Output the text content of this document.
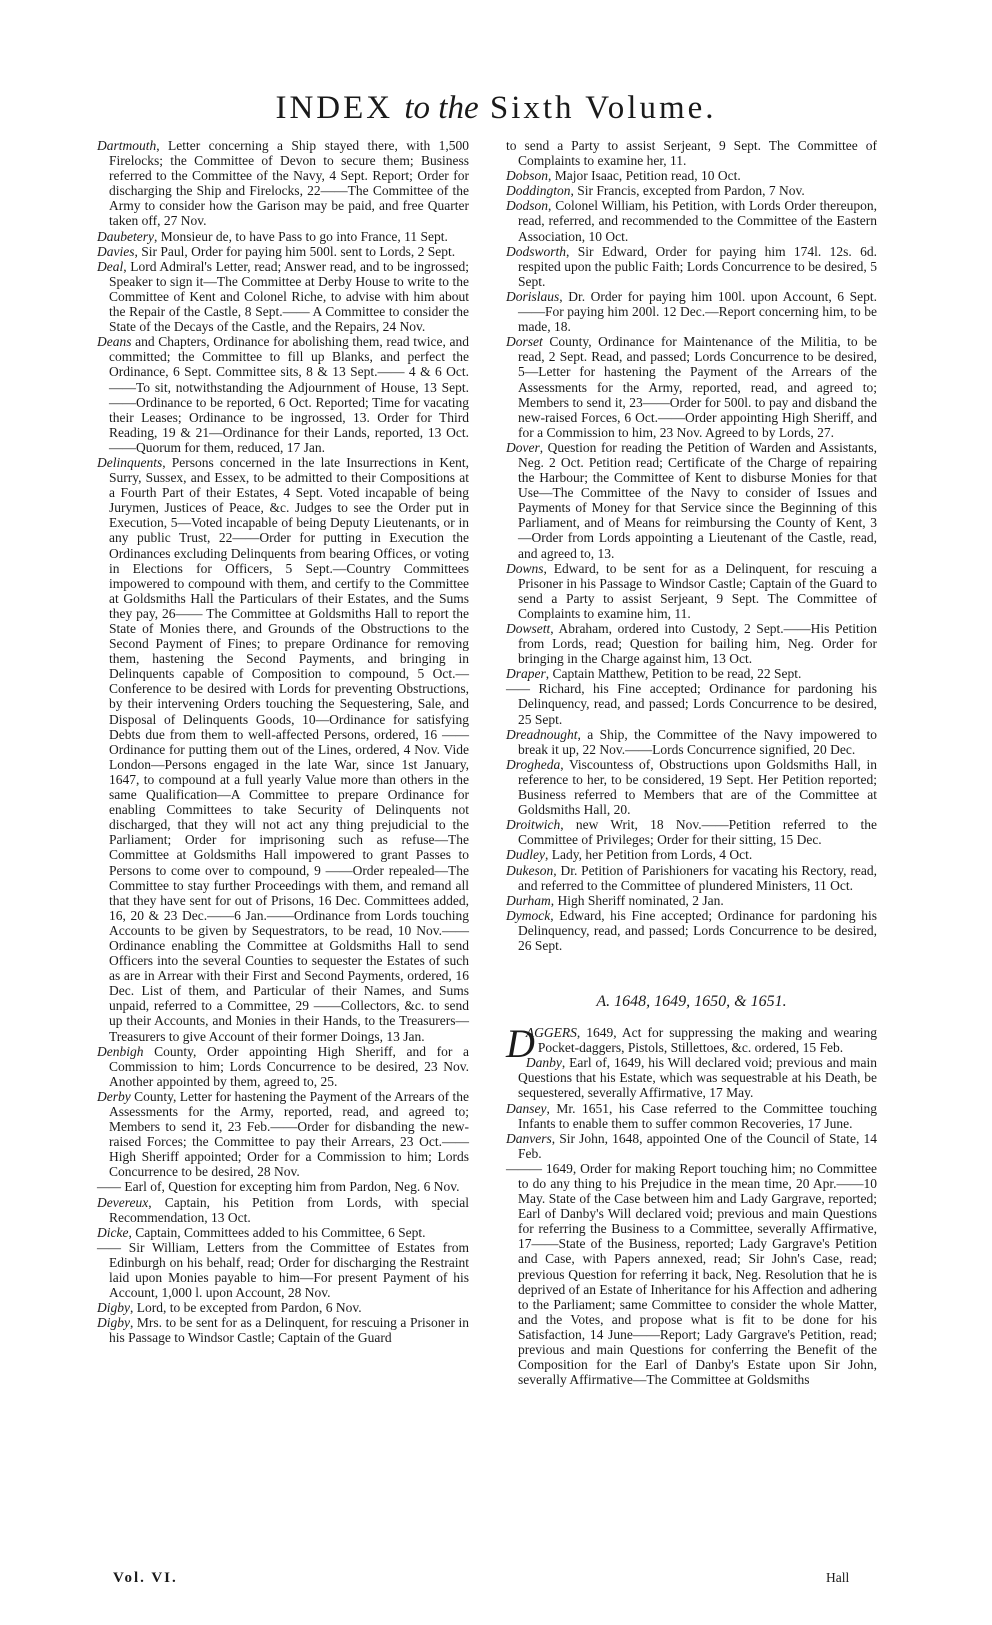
INDEX to the Sixth Volume.

Dartmouth, Letter concerning a Ship stayed there, with 1,500 Firelocks; the Committee of Devon to secure them; Business referred to the Committee of the Navy, 4 Sept. Report; Order for discharging the Ship and Firelocks, 22——The Committee of the Army to consider how the Garison may be paid, and free Quarter taken off, 27 Nov.

Daubetery, Monsieur de, to have Pass to go into France, 11 Sept.

Davies, Sir Paul, Order for paying him 500l. sent to Lords, 2 Sept.

Deal, Lord Admiral's Letter, read; Answer read, and to be ingrossed; Speaker to sign it—The Committee at Derby House to write to the Committee of Kent and Colonel Riche, to advise with him about the Repair of the Castle, 8 Sept.—— A Committee to consider the State of the Decays of the Castle, and the Repairs, 24 Nov.

Deans and Chapters, Ordinance for abolishing them, read twice, and committed; the Committee to fill up Blanks, and perfect the Ordinance, 6 Sept. Committee sits, 8 & 13 Sept.—— 4 & 6 Oct.——To sit, notwithstanding the Adjournment of House, 13 Sept.——Ordinance to be reported, 6 Oct. Reported; Time for vacating their Leases; Ordinance to be ingrossed, 13. Order for Third Reading, 19 & 21—Ordinance for their Lands, reported, 13 Oct.——Quorum for them, reduced, 17 Jan.

Delinquents, Persons concerned in the late Insurrections in Kent, Surry, Sussex, and Essex, to be admitted to their Compositions at a Fourth Part of their Estates, 4 Sept. Voted incapable of being Jurymen, Justices of Peace, &c. Judges to see the Order put in Execution, 5—Voted incapable of being Deputy Lieutenants, or in any public Trust, 22——Order for putting in Execution the Ordinances excluding Delinquents from bearing Offices, or voting in Elections for Officers, 5 Sept.—Country Committees impowered to compound with them, and certify to the Committee at Goldsmiths Hall the Particulars of their Estates, and the Sums they pay, 26—— The Committee at Goldsmiths Hall to report the State of Monies there, and Grounds of the Obstructions to the Second Payment of Fines; to prepare Ordinance for removing them, hastening the Second Payments, and bringing in Delinquents capable of Composition to compound, 5 Oct.—Conference to be desired with Lords for preventing Obstructions, by their intervening Orders touching the Sequestering, Sale, and Disposal of Delinquents Goods, 10—Ordinance for satisfying Debts due from them to well-affected Persons, ordered, 16 ——Ordinance for putting them out of the Lines, ordered, 4 Nov. Vide London—Persons engaged in the late War, since 1st January, 1647, to compound at a full yearly Value more than others in the same Qualification—A Committee to prepare Ordinance for enabling Committees to take Security of Delinquents not discharged, that they will not act any thing prejudicial to the Parliament; Order for imprisoning such as refuse—The Committee at Goldsmiths Hall impowered to grant Passes to Persons to come over to compound, 9 ——Order repealed—The Committee to stay further Proceedings with them, and remand all that they have sent for out of Prisons, 16 Dec. Committees added, 16, 20 & 23 Dec.——6 Jan.——Ordinance from Lords touching Accounts to be given by Sequestrators, to be read, 10 Nov.—— Ordinance enabling the Committee at Goldsmiths Hall to send Officers into the several Counties to sequester the Estates of such as are in Arrear with their First and Second Payments, ordered, 16 Dec. List of them, and Particular of their Names, and Sums unpaid, referred to a Committee, 29 ——Collectors, &c. to send up their Accounts, and Monies in their Hands, to the Treasurers—Treasurers to give Account of their former Doings, 13 Jan.

Denbigh County, Order appointing High Sheriff, and for a Commission to him; Lords Concurrence to be desired, 23 Nov. Another appointed by them, agreed to, 25.

Derby County, Letter for hastening the Payment of the Arrears of the Assessments for the Army, reported, read, and agreed to; Members to send it, 23 Feb.——Order for disbanding the new-raised Forces; the Committee to pay their Arrears, 23 Oct.——High Sheriff appointed; Order for a Commission to him; Lords Concurrence to be desired, 28 Nov.

—— Earl of, Question for excepting him from Pardon, Neg. 6 Nov.

Devereux, Captain, his Petition from Lords, with special Recommendation, 13 Oct.

Dicke, Captain, Committees added to his Committee, 6 Sept.

—— Sir William, Letters from the Committee of Estates from Edinburgh on his behalf, read; Order for discharging the Restraint laid upon Monies payable to him—For present Payment of his Account, 1,000 l. upon Account, 28 Nov.

Digby, Lord, to be excepted from Pardon, 6 Nov.

Digby, Mrs. to be sent for as a Delinquent, for rescuing a Prisoner in his Passage to Windsor Castle; Captain of the Guard

to send a Party to assist Serjeant, 9 Sept. The Committee of Complaints to examine her, 11.

Dobson, Major Isaac, Petition read, 10 Oct.

Doddington, Sir Francis, excepted from Pardon, 7 Nov.

Dodson, Colonel William, his Petition, with Lords Order thereupon, read, referred, and recommended to the Committee of the Eastern Association, 10 Oct.

Dodsworth, Sir Edward, Order for paying him 174l. 12s. 6d. respited upon the public Faith; Lords Concurrence to be desired, 5 Sept.

Dorislaus, Dr. Order for paying him 100l. upon Account, 6 Sept.——For paying him 200l. 12 Dec.—Report concerning him, to be made, 18.

Dorset County, Ordinance for Maintenance of the Militia, to be read, 2 Sept. Read, and passed; Lords Concurrence to be desired, 5—Letter for hastening the Payment of the Arrears of the Assessments for the Army, reported, read, and agreed to; Members to send it, 23——Order for 500l. to pay and disband the new-raised Forces, 6 Oct.——Order appointing High Sheriff, and for a Commission to him, 23 Nov. Agreed to by Lords, 27.

Dover, Question for reading the Petition of Warden and Assistants, Neg. 2 Oct. Petition read; Certificate of the Charge of repairing the Harbour; the Committee of Kent to disburse Monies for that Use—The Committee of the Navy to consider of Issues and Payments of Money for that Service since the Beginning of this Parliament, and of Means for reimbursing the County of Kent, 3—Order from Lords appointing a Lieutenant of the Castle, read, and agreed to, 13.

Downs, Edward, to be sent for as a Delinquent, for rescuing a Prisoner in his Passage to Windsor Castle; Captain of the Guard to send a Party to assist Serjeant, 9 Sept. The Committee of Complaints to examine him, 11.

Dowsett, Abraham, ordered into Custody, 2 Sept.——His Petition from Lords, read; Question for bailing him, Neg. Order for bringing in the Charge against him, 13 Oct.

Draper, Captain Matthew, Petition to be read, 22 Sept.

—— Richard, his Fine accepted; Ordinance for pardoning his Delinquency, read, and passed; Lords Concurrence to be desired, 25 Sept.

Dreadnought, a Ship, the Committee of the Navy impowered to break it up, 22 Nov.——Lords Concurrence signified, 20 Dec.

Drogheda, Viscountess of, Obstructions upon Goldsmiths Hall, in reference to her, to be considered, 19 Sept. Her Petition reported; Business referred to Members that are of the Committee at Goldsmiths Hall, 20.

Droitwich, new Writ, 18 Nov.——Petition referred to the Committee of Privileges; Order for their sitting, 15 Dec.

Dudley, Lady, her Petition from Lords, 4 Oct.

Dukeson, Dr. Petition of Parishioners for vacating his Rectory, read, and referred to the Committee of plundered Ministers, 11 Oct.

Durham, High Sheriff nominated, 2 Jan.

Dymock, Edward, his Fine accepted; Ordinance for pardoning his Delinquency, read, and passed; Lords Concurrence to be desired, 26 Sept.

A. 1648, 1649, 1650, & 1651.

D
AGGERS, 1649, Act for suppressing the making and wearing Pocket-daggers, Pistols, Stillettoes, &c. ordered, 15 Feb.

Danby, Earl of, 1649, his Will declared void; previous and main Questions that his Estate, which was sequestrable at his Death, be sequestered, severally Affirmative, 17 May.

Dansey, Mr. 1651, his Case referred to the Committee touching Infants to enable them to suffer common Recoveries, 17 June.

Danvers, Sir John, 1648, appointed One of the Council of State, 14 Feb.

——— 1649, Order for making Report touching him; no Committee to do any thing to his Prejudice in the mean time, 20 Apr.——10 May. State of the Case between him and Lady Gargrave, reported; Earl of Danby's Will declared void; previous and main Questions for referring the Business to a Committee, severally Affirmative, 17——State of the Business, reported; Lady Gargrave's Petition and Case, with Papers annexed, read; Sir John's Case, read; previous Question for referring it back, Neg. Resolution that he is deprived of an Estate of Inheritance for his Affection and adhering to the Parliament; same Committee to consider the whole Matter, and the Votes, and propose what is fit to be done for his Satisfaction, 14 June——Report; Lady Gargrave's Petition, read; previous and main Questions for conferring the Benefit of the Composition for the Earl of Danby's Estate upon Sir John, severally Affirmative—The Committee at Goldsmiths

Vol. VI.	Hall
